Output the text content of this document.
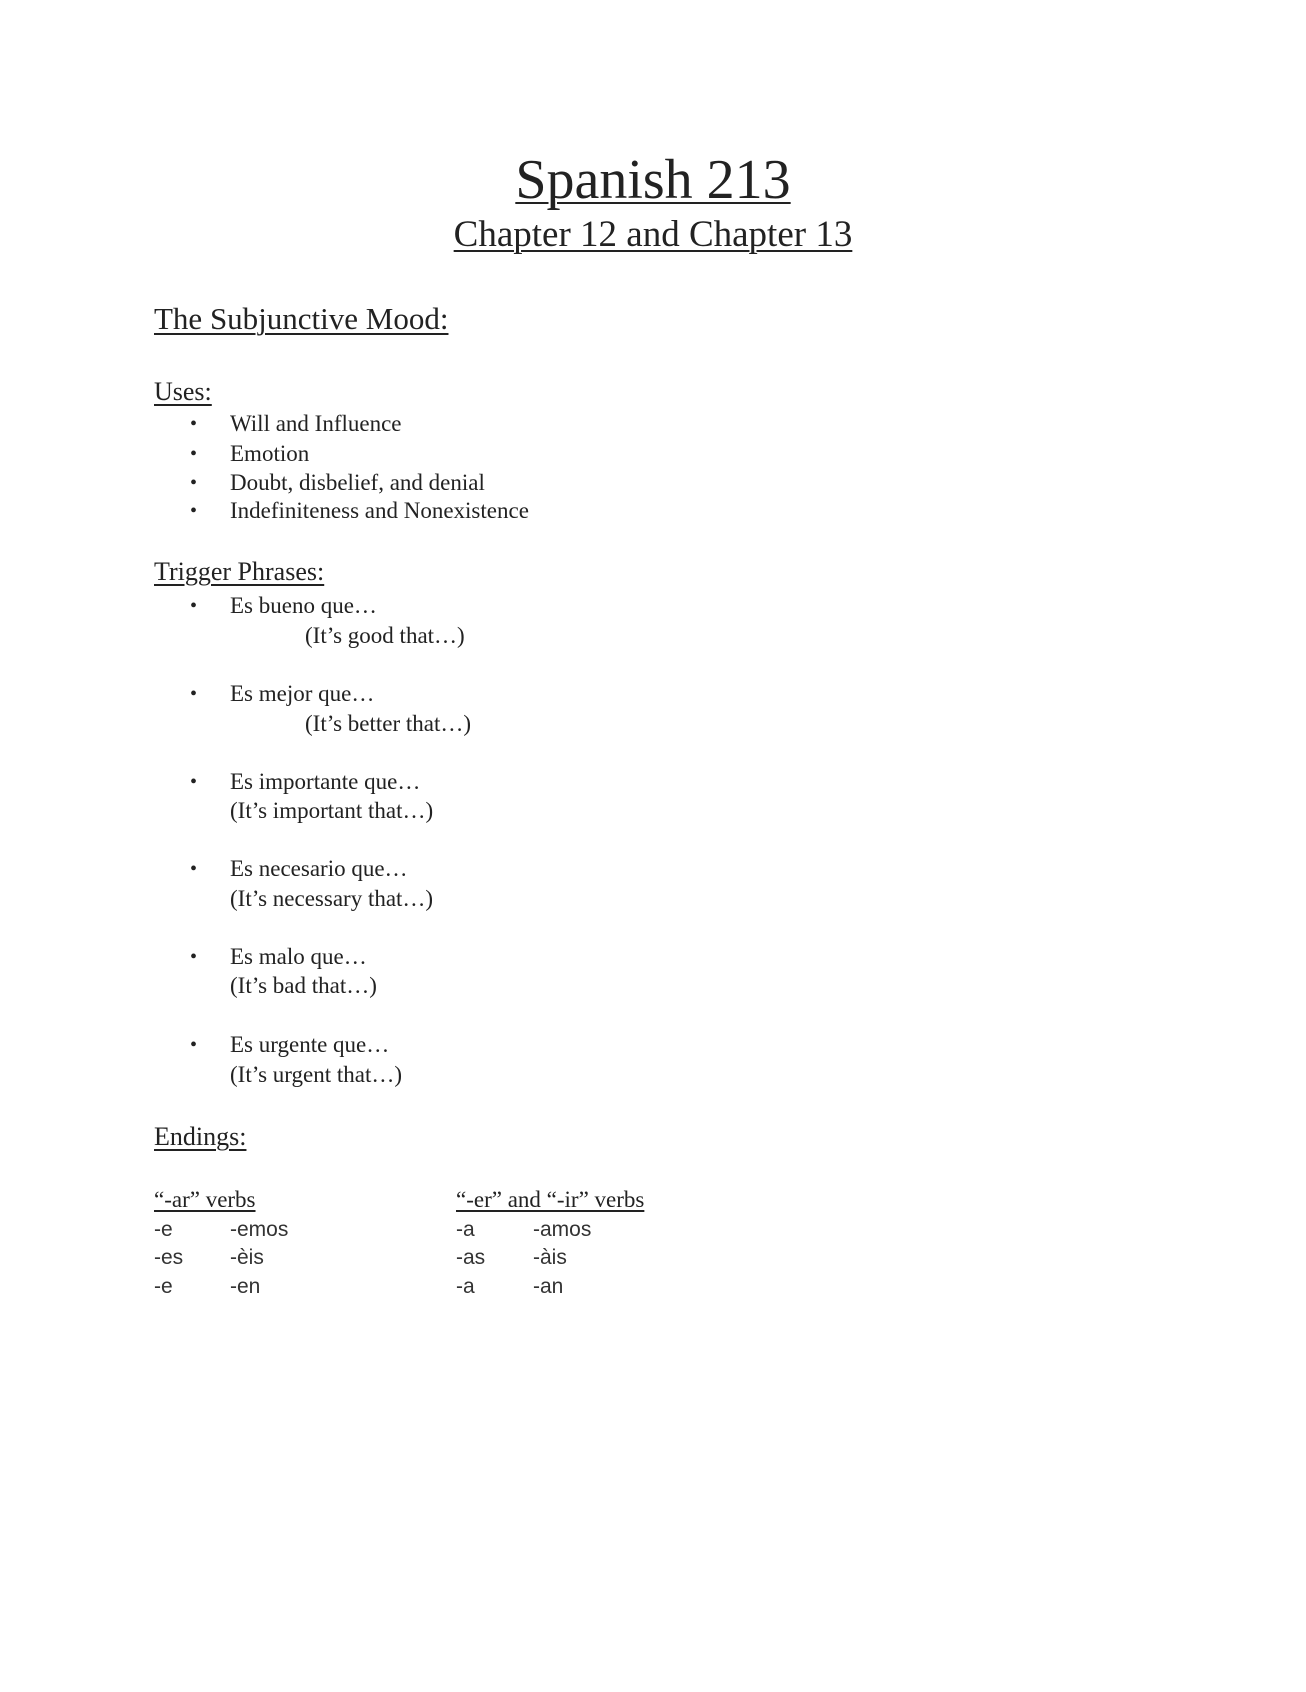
Spanish 213
Chapter 12 and Chapter 13
The Subjunctive Mood:
Uses:
• Will and Influence
• Emotion
• Doubt, disbelief, and denial
• Indefiniteness and Nonexistence
Trigger Phrases:
• Es bueno que…
(It’s good that…)
• Es mejor que…
(It’s better that…)
• Es importante que…
(It’s important that…)
• Es necesario que…
(It’s necessary that…)
• Es malo que…
(It’s bad that…)
• Es urgente que…
(It’s urgent that…)
Endings:
“-ar” verbs	“-er” and “-ir” verbs
-e	-emos	-a	-amos
-es -èis	-as -àis
-e	-en	-a	-an
